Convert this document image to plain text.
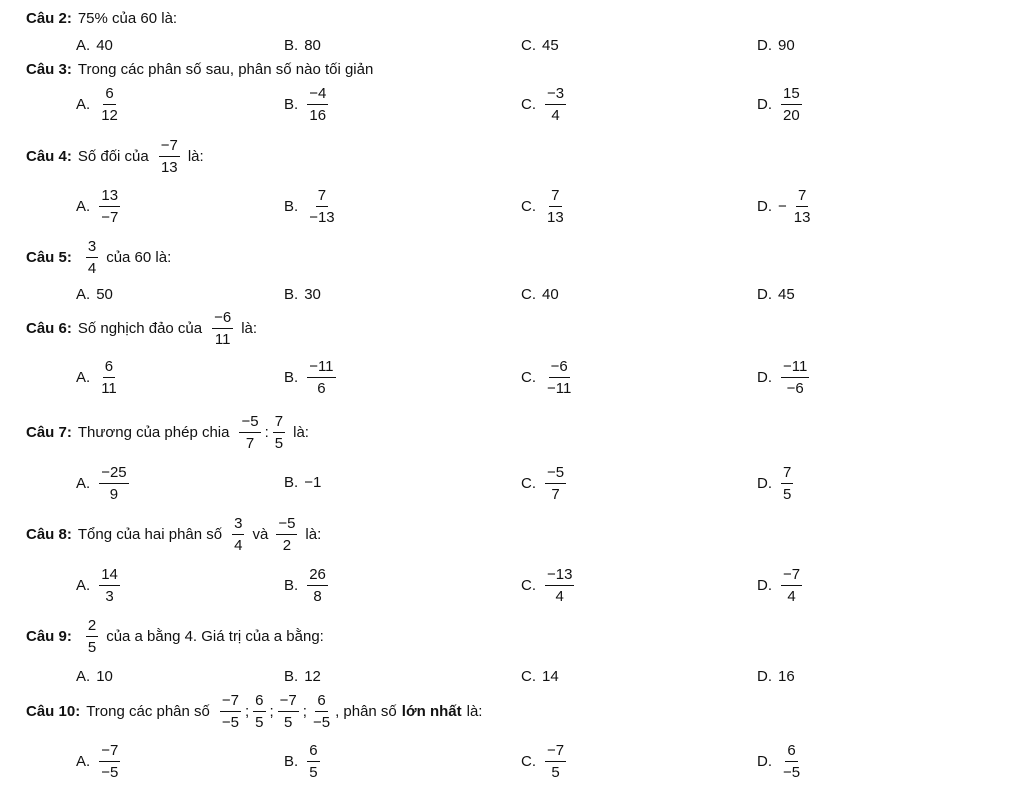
Câu 2: 75% của 60 là:
A. 40	B. 80	C. 45	D. 90
Câu 3: Trong các phân số sau, phân số nào tối giản
A. $\frac{6}{12}$	B. $\frac{-4}{16}$	C. $\frac{-3}{4}$	D. $\frac{15}{20}$
Câu 4: Số đối của $\frac{-7}{13}$ là:
A. $\frac{13}{-7}$	B. $\frac{7}{-13}$	C. $\frac{7}{13}$	D. − $\frac{7}{13}$
Câu 5: $\frac{3}{4}$ của 60 là:
A. 50	B. 30	C. 40	D. 45
Câu 6: Số nghịch đảo của $\frac{-6}{11}$ là:
A. $\frac{6}{11}$	B. $\frac{-11}{6}$	C. $\frac{-6}{-11}$	D. $\frac{-11}{-6}$
Câu 7: Thương của phép chia $\frac{-5}{7}$ : $\frac{7}{5}$ là:
A. $\frac{-25}{9}$	B. −1	C. $\frac{-5}{7}$	D. $\frac{7}{5}$
Câu 8: Tổng của hai phân số $\frac{3}{4}$ và $\frac{-5}{2}$ là:
A. $\frac{14}{3}$	B. $\frac{26}{8}$	C. $\frac{-13}{4}$	D. $\frac{-7}{4}$
Câu 9: $\frac{2}{5}$ của a bằng 4. Giá trị của a bằng:
A. 10	B. 12	C. 14	D. 16
Câu 10: Trong các phân số $\frac{-7}{-5}$ ; $\frac{6}{5}$ ; $\frac{-7}{5}$ ; $\frac{6}{-5}$ , phân số lớn nhất là:
A. $\frac{-7}{-5}$	B. $\frac{6}{5}$	C. $\frac{-7}{5}$	D. $\frac{6}{-5}$
